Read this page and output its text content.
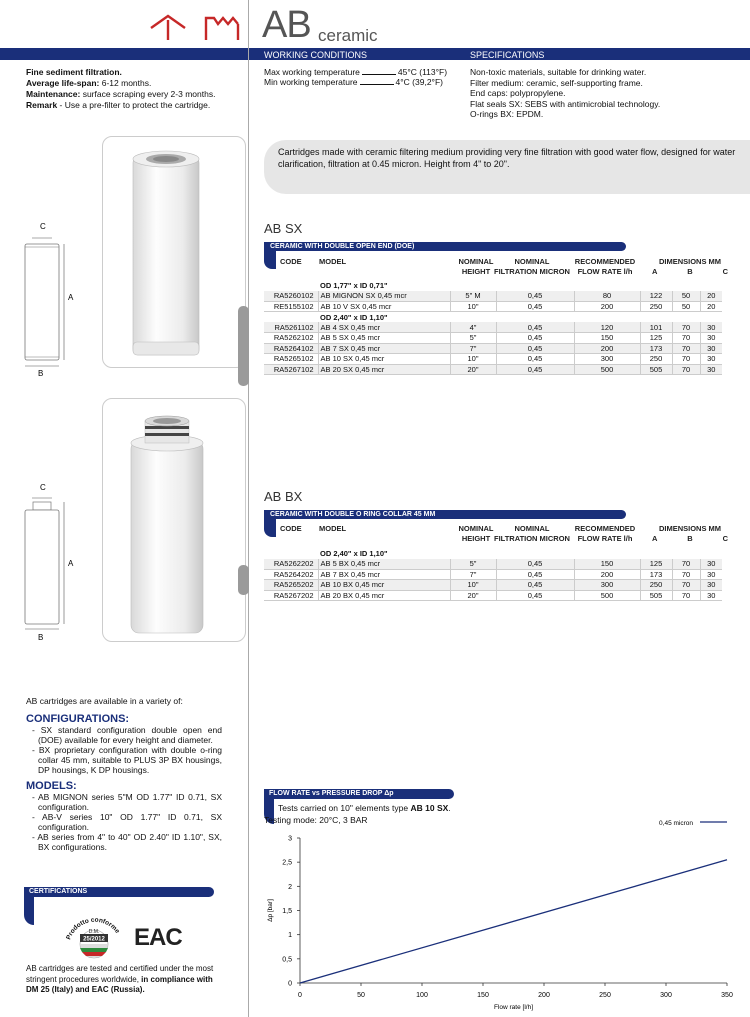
AB ceramic
WORKING CONDITIONS	SPECIFICATIONS
Fine sediment filtration.
Average life-span: 6-12 months.
Maintenance: surface scraping every 2-3 months.
Remark - Use a pre-filter to protect the cartridge.
Max working temperature	45°C (113°F)
Min working temperature	4°C (39,2°F)
Non-toxic materials, suitable for drinking water.
Filter medium: ceramic, self-supporting frame.
End caps: polypropylene.
Flat seals SX: SEBS with antimicrobial technology.
O-rings BX: EPDM.
Cartridges made with ceramic filtering medium providing very fine filtration with good water flow, designed for water clarification, filtration at 0.45 micron. Height from 4" to 20".
C
A
B
C
A
B
AB SX
CERAMIC WITH DOUBLE OPEN END (DOE)
CODE MODEL	NOMINAL
HEIGHT
NOMINAL
FILTRATION MICRON
RECOMMENDED
FLOW RATE l/h
DIMENSIONS MM
A	B	C
	OD 1,77" x ID 0,71"						
RA5260102	AB MIGNON SX 0,45 mcr	5" M	0,45	80	122	50	20
RE5155102	AB 10 V SX 0,45 mcr	10"	0,45	200	250	50	20
	OD 2,40" x ID 1,10"						
RA5261102	AB 4 SX 0,45 mcr	4"	0,45	120	101	70	30
RA5262102	AB 5 SX 0,45 mcr	5"	0,45	150	125	70	30
RA5264102	AB 7 SX 0,45 mcr	7"	0,45	200	173	70	30
RA5265102	AB 10 SX 0,45 mcr	10"	0,45	300	250	70	30
RA5267102	AB 20 SX 0,45 mcr	20"	0,45	500	505	70	30
AB BX
CERAMIC WITH DOUBLE O RING COLLAR 45 MM
CODE MODEL	NOMINAL
HEIGHT
NOMINAL
FILTRATION MICRON
RECOMMENDED
FLOW RATE l/h
DIMENSIONS MM
A	B	C
	OD 2,40" x ID 1,10"						
RA5262202	AB 5 BX 0,45 mcr	5"	0,45	150	125	70	30
RA5264202	AB 7 BX 0,45 mcr	7"	0,45	200	173	70	30
RA5265202	AB 10 BX 0,45 mcr	10"	0,45	300	250	70	30
RA5267202	AB 20 BX 0,45 mcr	20"	0,45	500	505	70	30
AB cartridges are available in a variety of:
CONFIGURATIONS:
- SX standard configuration double open end (DOE) available for every height and diameter.
- BX proprietary configuration with double o-ring collar 45 mm, suitable to PLUS 3P BX housings, DP housings, K DP housings.
MODELS:
- AB MIGNON series 5"M OD 1.77" ID 0.71, SX configuration.
- AB-V series 10" OD 1.77" ID 0.71, SX configuration.
- AB series from 4" to 40" OD 2.40" ID 1.10", SX, BX configurations.
CERTIFICATIONS
Prodotto conforme
D.M.
25/2012 EAC
AB cartridges are tested and certified under the most stringent procedures worldwide, in compliance with DM 25 (Italy) and EAC (Russia).
FLOW RATE vs PRESSURE DROP Δp
Tests carried on 10" elements type AB 10 SX.
Testing mode: 20°C, 3 BAR
0
0,5
1
1,5
2
2,5
3
0	50	100	150	200	250	300	350
Flow rate [l/h]
Δp [bar]
0,45 micron
